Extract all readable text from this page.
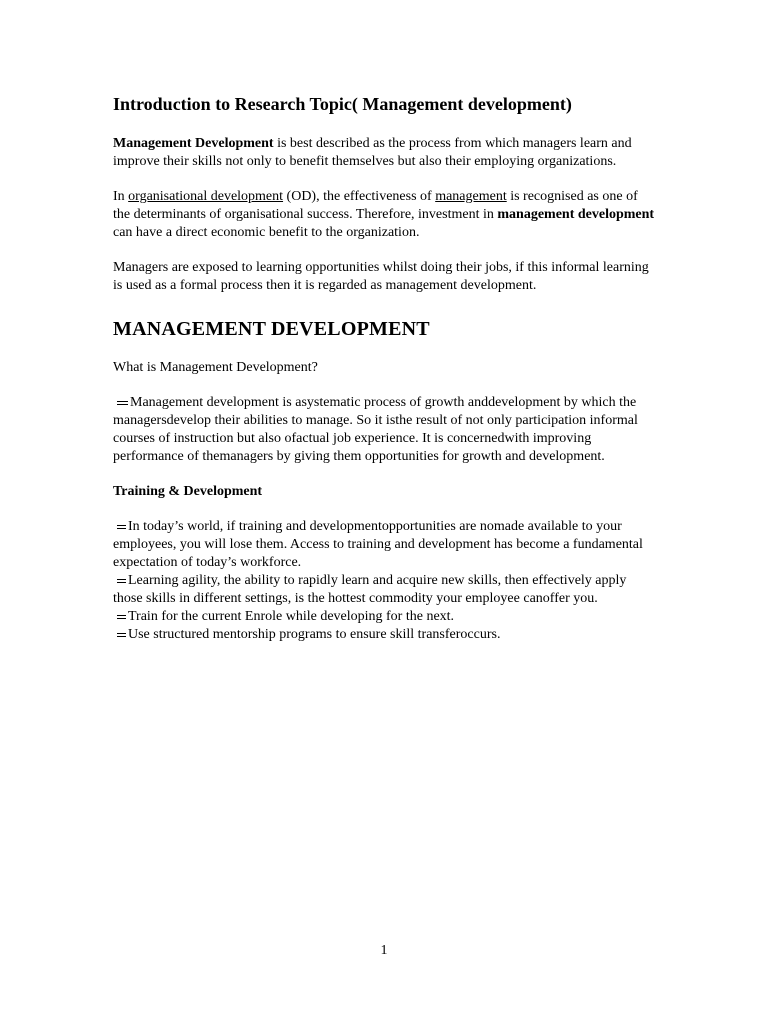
Introduction to Research Topic( Management development)

Management Development is best described as the process from which managers learn and improve their skills not only to benefit themselves but also their employing organizations.

In organisational development (OD), the effectiveness of management is recognised as one of the determinants of organisational success. Therefore, investment in management development can have a direct economic benefit to the organization.

Managers are exposed to learning opportunities whilst doing their jobs, if this informal learning is used as a formal process then it is regarded as management development.

MANAGEMENT DEVELOPMENT

What is Management Development?

Management development is asystematic process of growth anddevelopment by which the managersdevelop their abilities to manage. So it isthe result of not only participation informal courses of instruction but also ofactual job experience. It is concernedwith improving performance of themanagers by giving them opportunities for growth and development.

Training & Development

In today’s world, if training and developmentopportunities are nomade available to your employees, you will lose them. Access to training and development has become a fundamental expectation of today’s workforce.

Learning agility, the ability to rapidly learn and acquire new skills, then effectively apply those skills in different settings, is the hottest commodity your employee canoffer you.

Train for the current Enrole while developing for the next.

Use structured mentorship programs to ensure skill transferoccurs.

1
